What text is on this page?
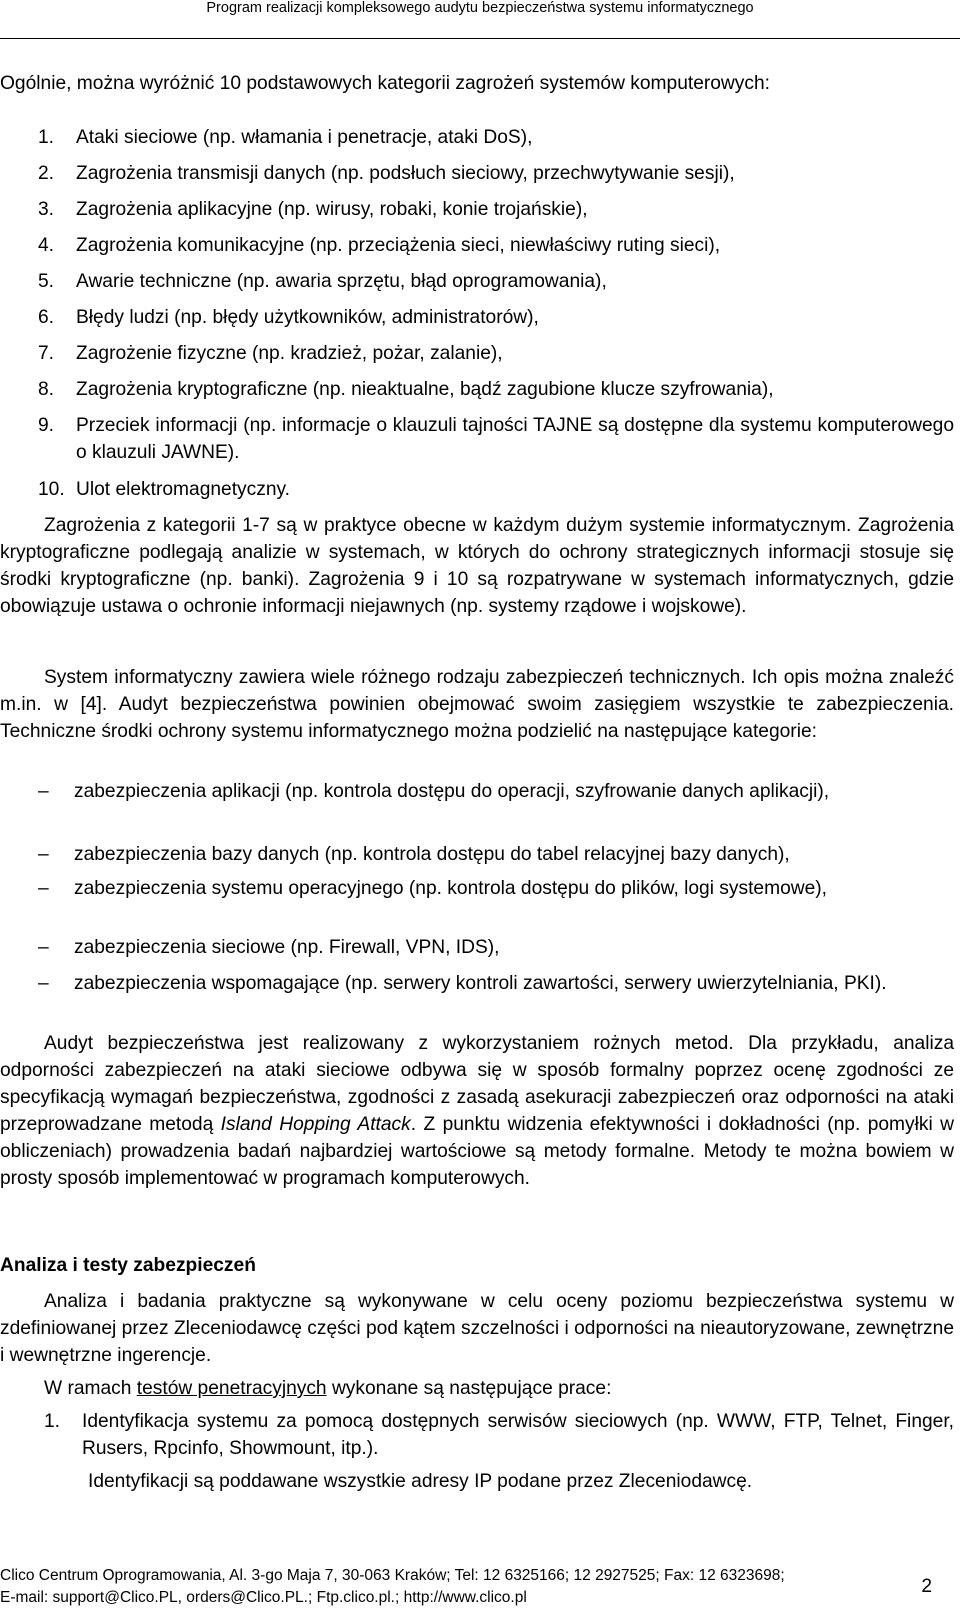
Program realizacji kompleksowego audytu bezpieczeństwa systemu informatycznego
Ogólnie, można wyróżnić 10 podstawowych kategorii zagrożeń systemów komputerowych:
1. Ataki sieciowe (np. włamania i penetracje, ataki DoS),
2. Zagrożenia transmisji danych (np. podsłuch sieciowy, przechwytywanie sesji),
3. Zagrożenia aplikacyjne (np. wirusy, robaki, konie trojańskie),
4. Zagrożenia komunikacyjne (np. przeciążenia sieci, niewłaściwy ruting sieci),
5. Awarie techniczne (np. awaria sprzętu, błąd oprogramowania),
6. Błędy ludzi (np. błędy użytkowników, administratorów),
7. Zagrożenie fizyczne (np. kradzież, pożar, zalanie),
8. Zagrożenia kryptograficzne (np. nieaktualne, bądź zagubione klucze szyfrowania),
9. Przeciek informacji (np. informacje o klauzuli tajności TAJNE są dostępne dla systemu komputerowego o klauzuli JAWNE).
10. Ulot elektromagnetyczny.
Zagrożenia z kategorii 1-7 są w praktyce obecne w każdym dużym systemie informatycznym. Zagrożenia kryptograficzne podlegają analizie w systemach, w których do ochrony strategicznych informacji stosuje się środki kryptograficzne (np. banki). Zagrożenia 9 i 10 są rozpatrywane w systemach informatycznych, gdzie obowiązuje ustawa o ochronie informacji niejawnych (np. systemy rządowe i wojskowe).
System informatyczny zawiera wiele różnego rodzaju zabezpieczeń technicznych. Ich opis można znaleźć m.in. w [4]. Audyt bezpieczeństwa powinien obejmować swoim zasięgiem wszystkie te zabezpieczenia. Techniczne środki ochrony systemu informatycznego można podzielić na następujące kategorie:
– zabezpieczenia aplikacji (np. kontrola dostępu do operacji, szyfrowanie danych aplikacji),
– zabezpieczenia bazy danych (np. kontrola dostępu do tabel relacyjnej bazy danych),
– zabezpieczenia systemu operacyjnego (np. kontrola dostępu do plików, logi systemowe),
– zabezpieczenia sieciowe (np. Firewall, VPN, IDS),
– zabezpieczenia wspomagające (np. serwery kontroli zawartości, serwery uwierzytelniania, PKI).
Audyt bezpieczeństwa jest realizowany z wykorzystaniem rożnych metod. Dla przykładu, analiza odporności zabezpieczeń na ataki sieciowe odbywa się w sposób formalny poprzez ocenę zgodności ze specyfikacją wymagań bezpieczeństwa, zgodności z zasadą asekuracji zabezpieczeń oraz odporności na ataki przeprowadzane metodą Island Hopping Attack. Z punktu widzenia efektywności i dokładności (np. pomyłki w obliczeniach) prowadzenia badań najbardziej wartościowe są metody formalne. Metody te można bowiem w prosty sposób implementować w programach komputerowych.
Analiza i testy zabezpieczeń
Analiza i badania praktyczne są wykonywane w celu oceny poziomu bezpieczeństwa systemu w zdefiniowanej przez Zleceniodawcę części pod kątem szczelności i odporności na nieautoryzowane, zewnętrzne i wewnętrzne ingerencje.
W ramach testów penetracyjnych wykonane są następujące prace:
1. Identyfikacja systemu za pomocą dostępnych serwisów sieciowych (np. WWW, FTP, Telnet, Finger, Rusers, Rpcinfo, Showmount, itp.).
Identyfikacji są poddawane wszystkie adresy IP podane przez Zleceniodawcę.
Clico Centrum Oprogramowania, Al. 3-go Maja 7, 30-063 Kraków; Tel: 12 6325166; 12 2927525; Fax: 12 6323698;
E-mail: support@Clico.PL, orders@Clico.PL.; Ftp.clico.pl.; http://www.clico.pl
2
